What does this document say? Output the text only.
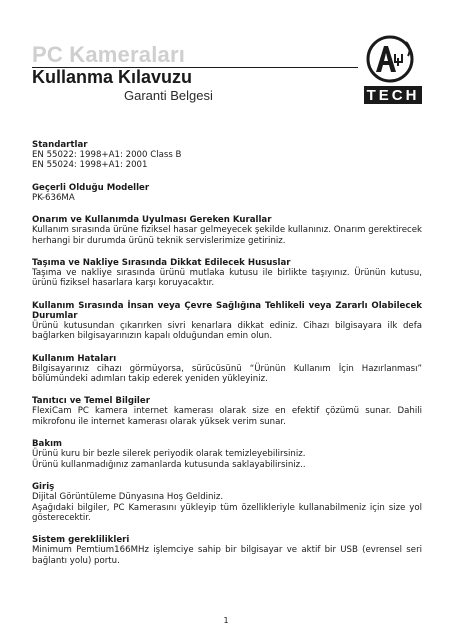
PC Kameraları
Kullanma Kılavuzu
Garanti Belgesi	TECH
Standartlar

EN 55022: 1998+A1: 2000 Class B

EN 55024: 1998+A1: 2001

Geçerli Olduğu Modeller

PK-636MA

Onarım ve Kullanımda Uyulması Gereken Kurallar

Kullanım sırasında ürüne fiziksel hasar gelmeyecek şekilde kullanınız. Onarım gerektirecek herhangi bir durumda ürünü teknik servislerimize getiriniz.

Taşıma ve Nakliye Sırasında Dikkat Edilecek Hususlar

Taşıma ve nakliye sırasında ürünü mutlaka kutusu ile birlikte taşıyınız. Ürünün kutusu, ürünü fiziksel hasarlara karşı koruyacaktır.

Kullanım Sırasında İnsan veya Çevre Sağlığına Tehlikeli veya Zararlı Olabilecek Durumlar

Ürünü kutusundan çıkarırken sivri kenarlara dikkat ediniz. Cihazı bilgisayara ilk defa bağlarken bilgisayarınızın kapalı olduğundan emin olun.

Kullanım Hataları

Bilgisayarınız cihazı görmüyorsa, sürücüsünü “Ürünün Kullanım İçin Hazırlanması” bölümündeki adımları takip ederek yeniden yükleyiniz.

Tanıtıcı ve Temel Bilgiler

FlexiCam PC kamera internet kamerası olarak size en efektif çözümü sunar. Dahili mikrofonu ile internet kamerası olarak yüksek verim sunar.

Bakım

Ürünü kuru bir bezle silerek periyodik olarak temizleyebilirsiniz.

Ürünü kullanmadığınız zamanlarda kutusunda saklayabilirsiniz..

Giriş

Dijital Görüntüleme Dünyasına Hoş Geldiniz.

Aşağıdaki bilgiler, PC Kamerasını yükleyip tüm özellikleriyle kullanabilmeniz için size yol gösterecektir.

Sistem gereklilikleri

Minimum Pemtium166MHz işlemciye sahip bir bilgisayar ve aktif bir USB (evrensel seri bağlantı yolu) portu.

1
